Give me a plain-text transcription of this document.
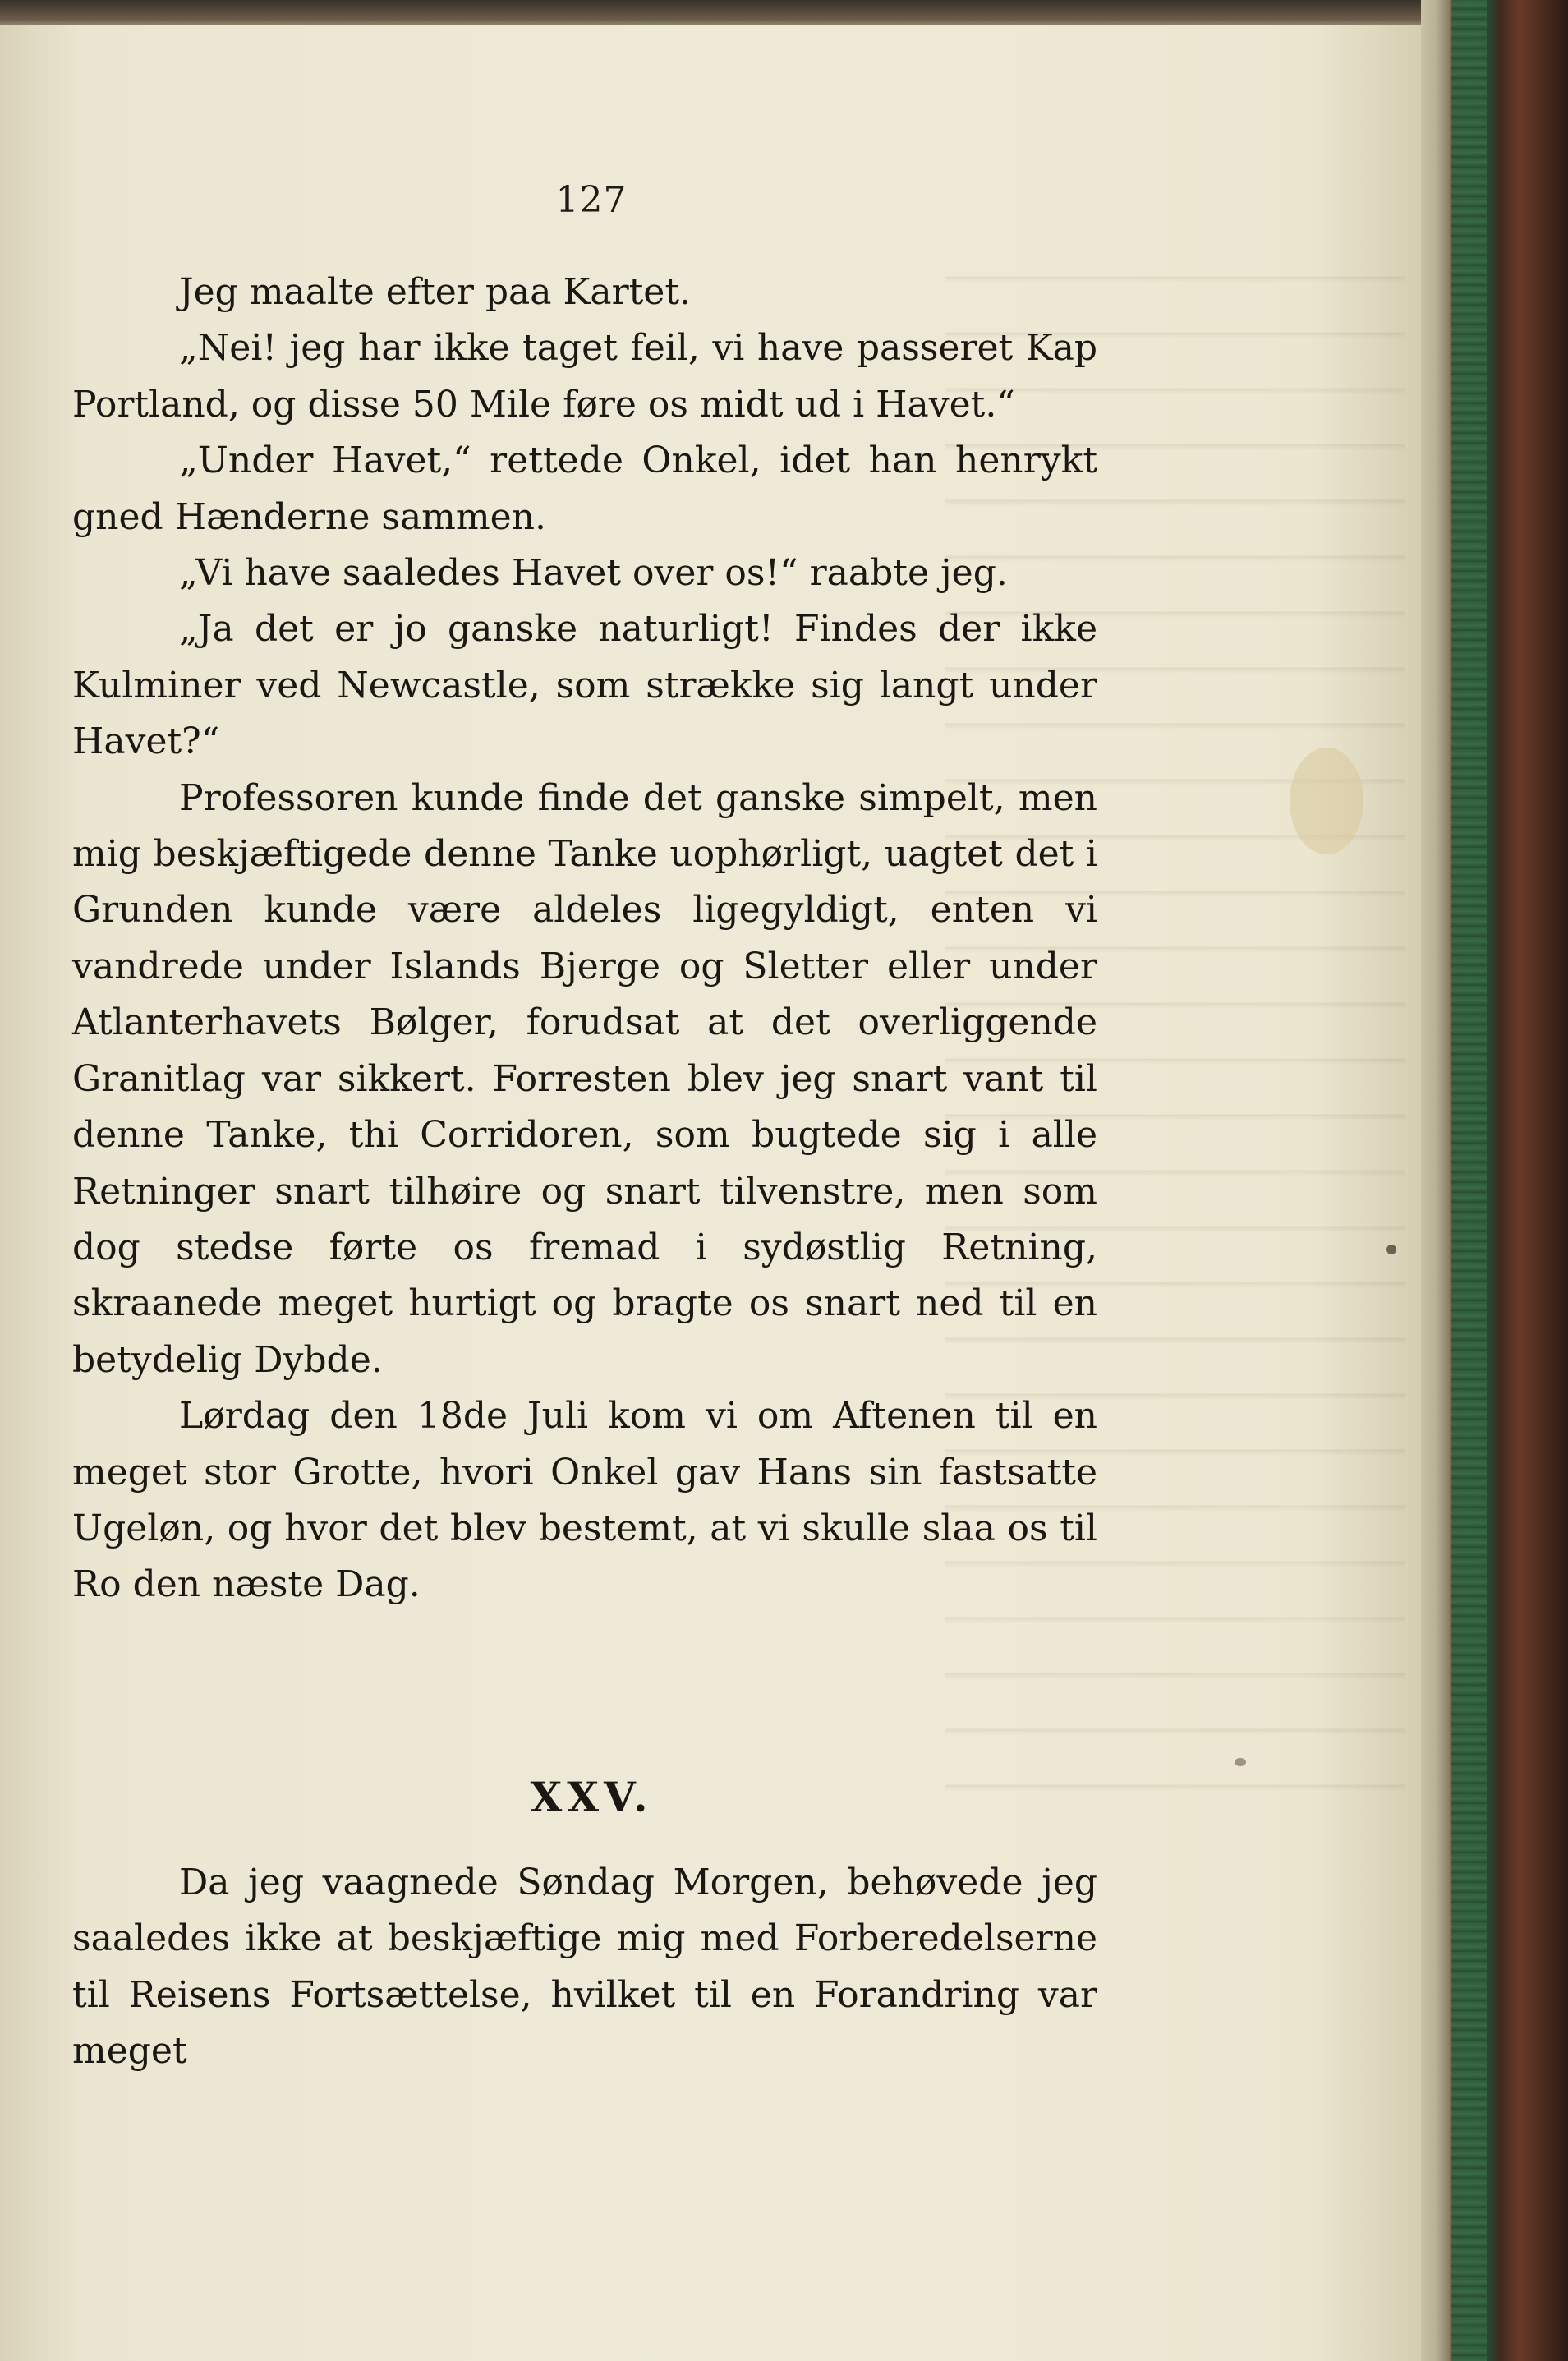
127

Jeg maalte efter paa Kartet.

„Nei! jeg har ikke taget feil, vi have passeret Kap Portland, og disse 50 Mile føre os midt ud i Havet.“

„Under Havet,“ rettede Onkel, idet han henrykt gned Hænderne sammen.

„Vi have saaledes Havet over os!“ raabte jeg.

„Ja det er jo ganske naturligt! Findes der ikke Kulminer ved Newcastle, som strække sig langt under Havet?“

Professoren kunde finde det ganske simpelt, men mig beskjæftigede denne Tanke uophørligt, uagtet det i Grunden kunde være aldeles ligegyldigt, enten vi vandrede under Islands Bjerge og Sletter eller under Atlanterhavets Bølger, forudsat at det overliggende Granitlag var sikkert. Forresten blev jeg snart vant til denne Tanke, thi Corridoren, som bugtede sig i alle Retninger snart tilhøire og snart tilvenstre, men som dog stedse førte os fremad i sydøstlig Retning, skraanede meget hurtigt og bragte os snart ned til en betydelig Dybde.

Lørdag den 18de Juli kom vi om Aftenen til en meget stor Grotte, hvori Onkel gav Hans sin fastsatte Ugeløn, og hvor det blev bestemt, at vi skulle slaa os til Ro den næste Dag.

XXV.

Da jeg vaagnede Søndag Morgen, behøvede jeg saaledes ikke at beskjæftige mig med Forberedelserne til Reisens Fortsættelse, hvilket til en Forandring var meget
